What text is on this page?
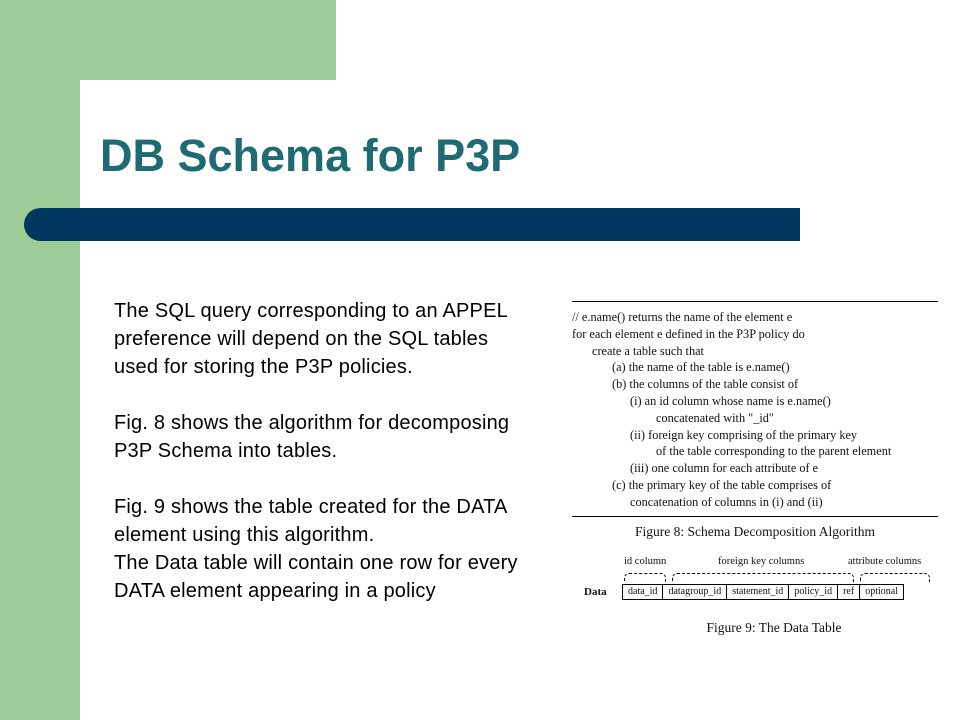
DB Schema for P3P

The SQL query corresponding to an APPEL preference will depend on the SQL tables used for storing the P3P policies.

Fig. 8 shows the algorithm for decomposing P3P Schema into tables.

Fig. 9 shows the table created for the DATA element using this algorithm.

The Data table will contain one row for every DATA element appearing in a policy

// e.name() returns the name of the element e
for each element e defined in the P3P policy do
create a table such that
(a) the name of the table is e.name()
(b) the columns of the table consist of
(i) an id column whose name is e.name()
concatenated with "_id"
(ii) foreign key comprising of the primary key
of the table corresponding to the parent element
(iii) one column for each attribute of e
(c) the primary key of the table comprises of
concatenation of columns in (i) and (ii)
Figure 8: Schema Decomposition Algorithm
id column	foreign key columns	attribute columns
Data	data_id	datagroup_id	statement_id	policy_id	ref	optional
Figure 9: The Data Table
